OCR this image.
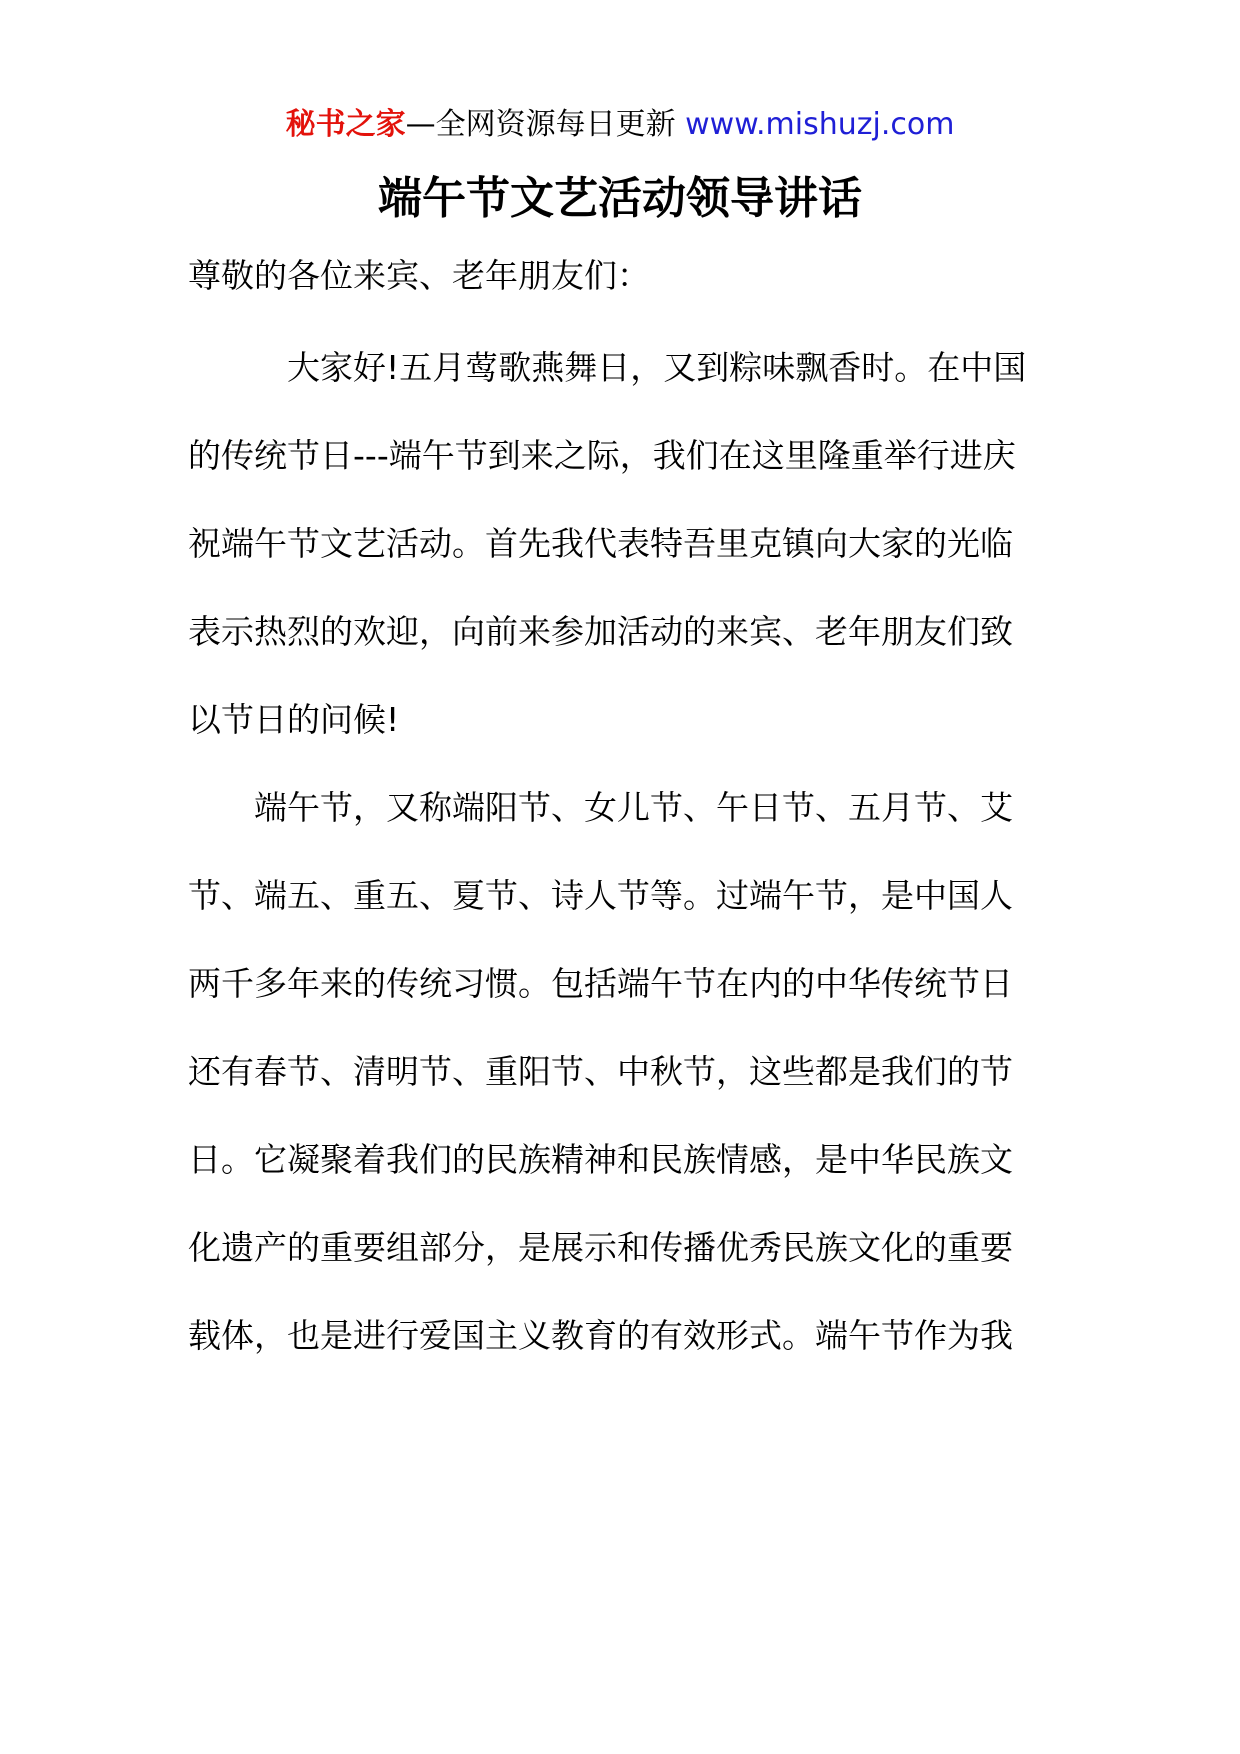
秘书之家—全网资源每日更新 www.mishuzj.com
端午节文艺活动领导讲话
尊敬的各位来宾、老年朋友们：
大家好!五月莺歌燕舞日，又到粽味飘香时。在中国
的传统节日---端午节到来之际，我们在这里隆重举行进庆
祝端午节文艺活动。首先我代表特吾里克镇向大家的光临
表示热烈的欢迎，向前来参加活动的来宾、老年朋友们致
以节日的问候!
端午节，又称端阳节、女儿节、午日节、五月节、艾
节、端五、重五、夏节、诗人节等。过端午节，是中国人
两千多年来的传统习惯。包括端午节在内的中华传统节日
还有春节、清明节、重阳节、中秋节，这些都是我们的节
日。它凝聚着我们的民族精神和民族情感，是中华民族文
化遗产的重要组部分，是展示和传播优秀民族文化的重要
载体，也是进行爱国主义教育的有效形式。端午节作为我
